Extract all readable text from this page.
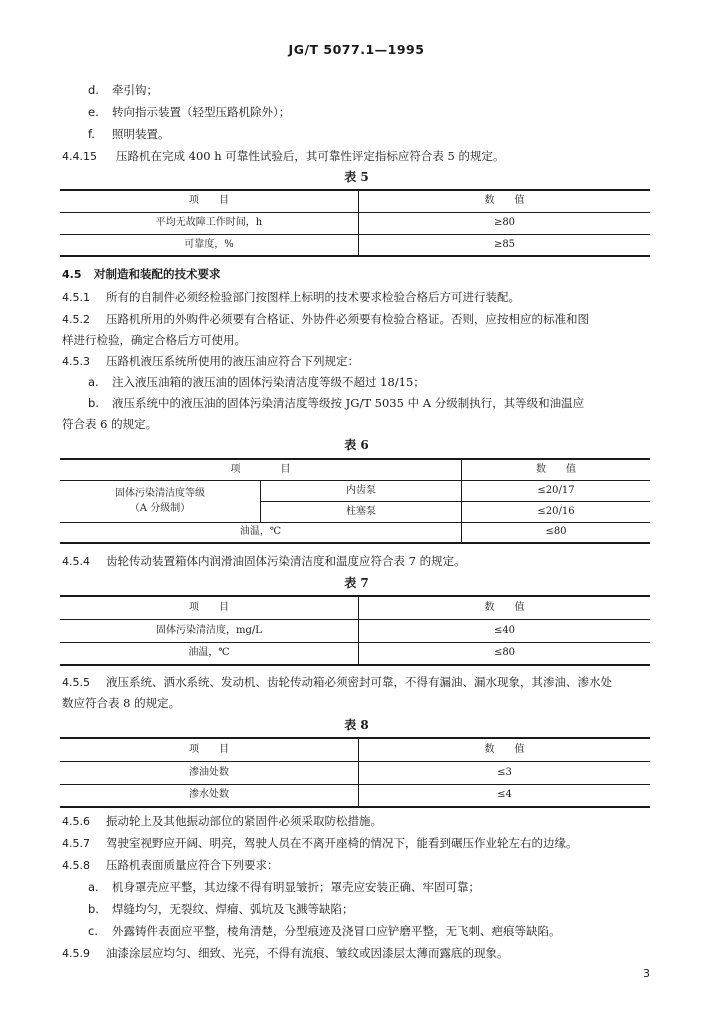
JG/T 5077.1—1995
d. 牵引钩；
e. 转向指示装置（轻型压路机除外）；
f. 照明装置。
4.4.15 压路机在完成 400 h 可靠性试验后，其可靠性评定指标应符合表 5 的规定。
表 5
项　　目	数　　值
平均无故障工作时间，h	≥80
可靠度，%	≥85
4.5 对制造和装配的技术要求
4.5.1 所有的自制件必须经检验部门按图样上标明的技术要求检验合格后方可进行装配。
4.5.2 压路机所用的外购件必须要有合格证、外协件必须要有检验合格证。否则，应按相应的标准和图
样进行检验，确定合格后方可使用。
4.5.3 压路机液压系统所使用的液压油应符合下列规定：
a. 注入液压油箱的液压油的固体污染清洁度等级不超过 18/15；
b. 液压系统中的液压油的固体污染清洁度等级按 JG/T 5035 中 A 分级制执行，其等级和油温应
符合表 6 的规定。
表 6
项　　　　目		数　　值
固体污染清洁度等级
（A 分级制）	内齿泵	≤20/17
	柱塞泵	≤20/16
油温，℃		≤80
4.5.4 齿轮传动装置箱体内润滑油固体污染清洁度和温度应符合表 7 的规定。
表 7
项　　目	数　　值
固体污染清洁度，mg/L	≤40
油温，℃	≤80
4.5.5 液压系统、洒水系统、发动机、齿轮传动箱必须密封可靠，不得有漏油、漏水现象，其渗油、渗水处
数应符合表 8 的规定。
表 8
项　　目	数　　值
渗油处数	≤3
渗水处数	≤4
4.5.6 振动轮上及其他振动部位的紧固件必须采取防松措施。
4.5.7 驾驶室视野应开阔、明亮，驾驶人员在不离开座椅的情况下，能看到碾压作业轮左右的边缘。
4.5.8 压路机表面质量应符合下列要求：
a. 机身罩壳应平整，其边缘不得有明显皱折；罩壳应安装正确、牢固可靠；
b. 焊缝均匀，无裂纹、焊瘤、弧坑及飞溅等缺陷；
c. 外露铸件表面应平整，棱角清楚，分型痕迹及浇冒口应铲磨平整，无飞刺、疤痕等缺陷。
4.5.9 油漆涂层应均匀、细致、光亮，不得有流痕、皱纹或因漆层太薄而露底的现象。
3
